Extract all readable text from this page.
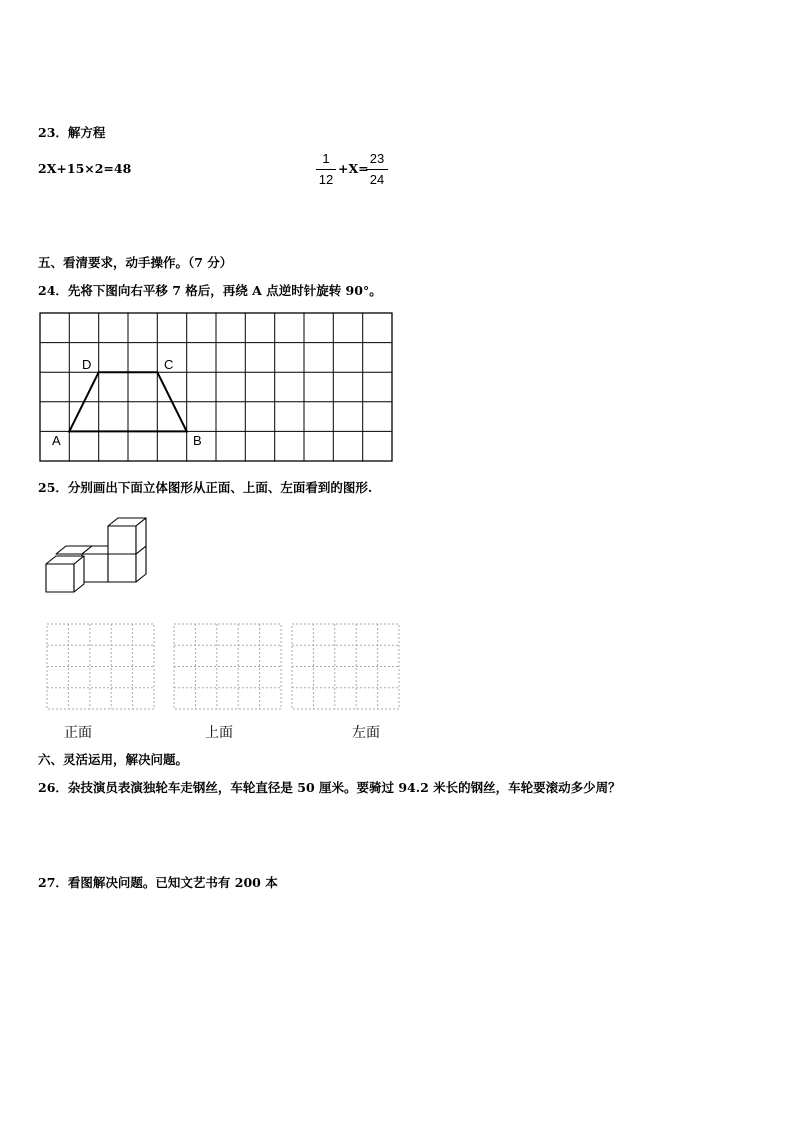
23．解方程
2X+15×2=48
1
12
+X=
23
24
五、看清要求，动手操作。（7 分）
24．先将下图向右平移 7 格后，再绕 A 点逆时针旋转 90°。
A	B
C
D
25．分别画出下面立体图形从正面、上面、左面看到的图形.
正面	上面	左面
六、灵活运用，解决问题。
26．杂技演员表演独轮车走钢丝，车轮直径是 50 厘米。要骑过 94.2 米长的钢丝，车轮要滚动多少周？
27．看图解决问题。已知文艺书有 200 本
